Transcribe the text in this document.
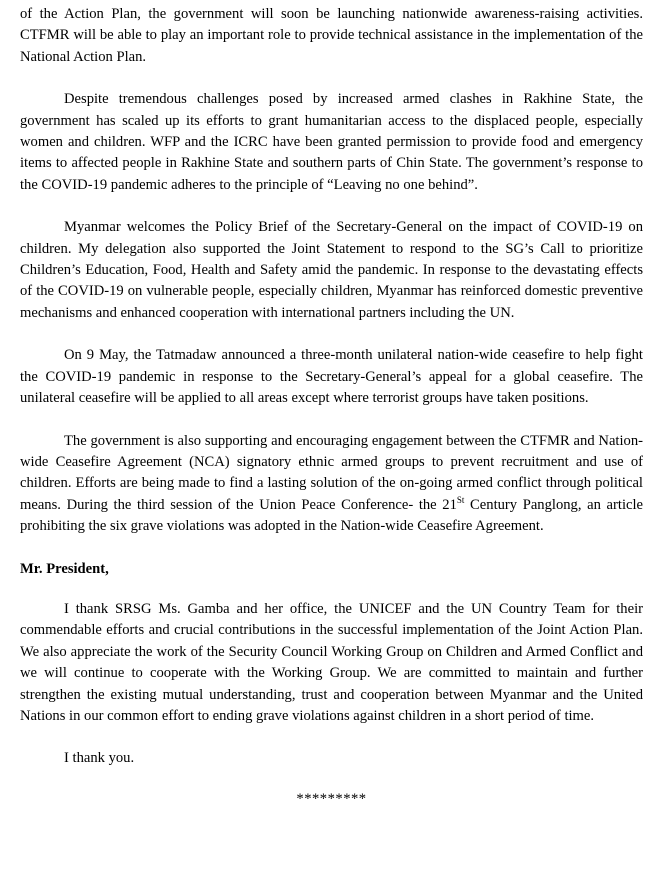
of the Action Plan, the government will soon be launching nationwide awareness-raising activities. CTFMR will be able to play an important role to provide technical assistance in the implementation of the National Action Plan.

Despite tremendous challenges posed by increased armed clashes in Rakhine State, the government has scaled up its efforts to grant humanitarian access to the displaced people, especially women and children. WFP and the ICRC have been granted permission to provide food and emergency items to affected people in Rakhine State and southern parts of Chin State. The government’s response to the COVID-19 pandemic adheres to the principle of “Leaving no one behind”.

Myanmar welcomes the Policy Brief of the Secretary-General on the impact of COVID-19 on children. My delegation also supported the Joint Statement to respond to the SG’s Call to prioritize Children’s Education, Food, Health and Safety amid the pandemic. In response to the devastating effects of the COVID-19 on vulnerable people, especially children, Myanmar has reinforced domestic preventive mechanisms and enhanced cooperation with international partners including the UN.

On 9 May, the Tatmadaw announced a three-month unilateral nation-wide ceasefire to help fight the COVID-19 pandemic in response to the Secretary-General’s appeal for a global ceasefire. The unilateral ceasefire will be applied to all areas except where terrorist groups have taken positions.

The government is also supporting and encouraging engagement between the CTFMR and Nation-wide Ceasefire Agreement (NCA) signatory ethnic armed groups to prevent recruitment and use of children. Efforts are being made to find a lasting solution of the on-going armed conflict through political means. During the third session of the Union Peace Conference- the 21St Century Panglong, an article prohibiting the six grave violations was adopted in the Nation-wide Ceasefire Agreement.

Mr. President,

I thank SRSG Ms. Gamba and her office, the UNICEF and the UN Country Team for their commendable efforts and crucial contributions in the successful implementation of the Joint Action Plan. We also appreciate the work of the Security Council Working Group on Children and Armed Conflict and we will continue to cooperate with the Working Group. We are committed to maintain and further strengthen the existing mutual understanding, trust and cooperation between Myanmar and the United Nations in our common effort to ending grave violations against children in a short period of time.

I thank you.

*********
